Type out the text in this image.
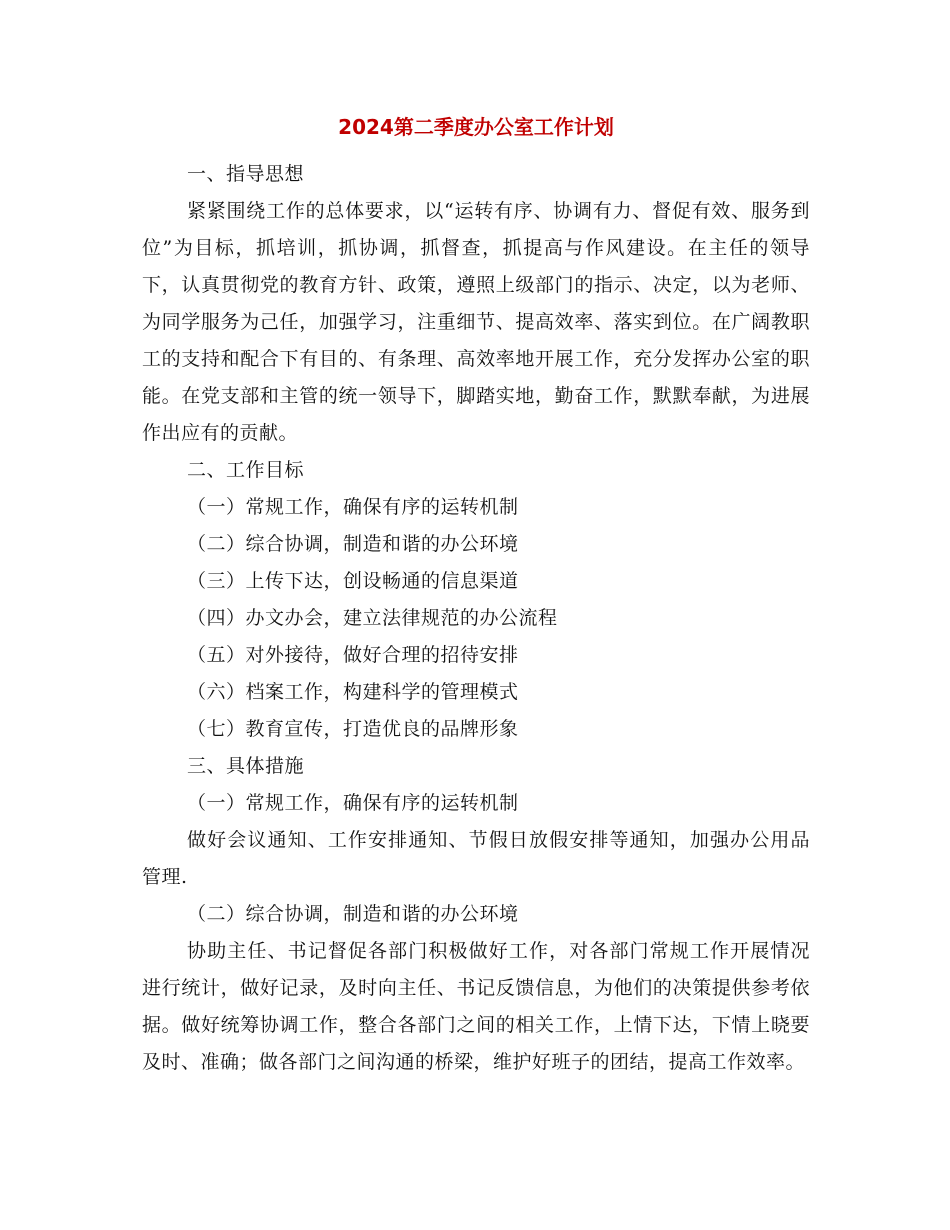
2024第二季度办公室工作计划

一、指导思想

紧紧围绕工作的总体要求，以“运转有序、协调有力、督促有效、服务到位”为目标，抓培训，抓协调，抓督查，抓提高与作风建设。在主任的领导下，认真贯彻党的教育方针、政策，遵照上级部门的指示、决定，以为老师、为同学服务为己任，加强学习，注重细节、提高效率、落实到位。在广阔教职工的支持和配合下有目的、有条理、高效率地开展工作，充分发挥办公室的职能。在党支部和主管的统一领导下，脚踏实地，勤奋工作，默默奉献，为进展作出应有的贡献。

二、工作目标

（一）常规工作，确保有序的运转机制

（二）综合协调，制造和谐的办公环境

（三）上传下达，创设畅通的信息渠道

（四）办文办会，建立法律规范的办公流程

（五）对外接待，做好合理的招待安排

（六）档案工作，构建科学的管理模式

（七）教育宣传，打造优良的品牌形象

三、具体措施

（一）常规工作，确保有序的运转机制

做好会议通知、工作安排通知、节假日放假安排等通知，加强办公用品管理.

（二）综合协调，制造和谐的办公环境

协助主任、书记督促各部门积极做好工作，对各部门常规工作开展情况进行统计，做好记录，及时向主任、书记反馈信息，为他们的决策提供参考依据。做好统筹协调工作，整合各部门之间的相关工作，上情下达，下情上晓要及时、准确；做各部门之间沟通的桥梁，维护好班子的团结，提高工作效率。
